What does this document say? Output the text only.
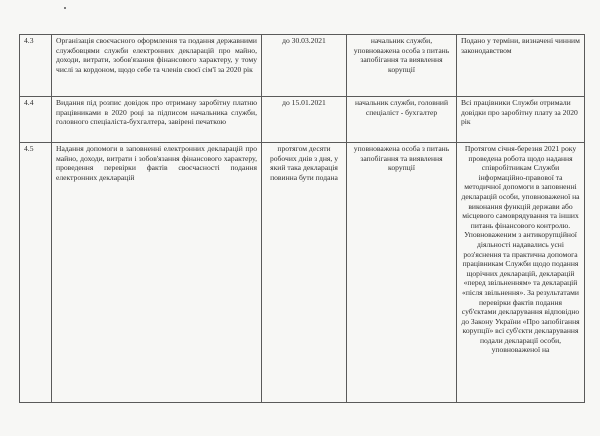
4.3	Організація своєчасного оформлення та подання державними службовцями служби електронних декларацій про майно, доходи, витрати, зобов'язання фінансового характеру, у тому числі за кордоном, щодо себе та членів своєї сім'ї за 2020 рік	до 30.03.2021	начальник служби, уповноважена особа з питань запобігання та виявлення корупції	Подано у терміни, визначені чинним законодавством
4.4	Видання під розпис довідок про отриману заробітну платню працівниками в 2020 році за підписом начальника служби, головного спеціаліста-бухгалтера, завірені печаткою	до 15.01.2021	начальник служби, головний спеціаліст - бухгалтер	Всі працівники Служби отримали довідки про заробітну плату за 2020 рік
4.5	Надання допомоги в заповненні електронних декларацій про майно, доходи, витрати і зобов'язання фінансового характеру, проведення перевірки фактів своєчасності подання електронних декларацій	протягом десяти робочих днів з дня, у який така декларація повинна бути подана	уповноважена особа з питань запобігання та виявлення корупції	Протягом січня-березня 2021 року проведена робота щодо надання співробітникам Служби інформаційно-правової та методичної допомоги в заповненні декларацій особи, уповноваженої на виконання функцій держави або місцевого самоврядування та інших питань фінансового контролю. Уповноваженим з антикорупційної діяльності надавались усні роз'яснення та практична допомога працівникам Служби щодо подання щорічних декларацій, декларацій «перед звільненням» та декларацій «після звільнення». За результатами перевірки фактів подання суб'єктами декларування відповідно до Закону України «Про запобігання корупції» всі суб'єкти декларування подали декларації особи, уповноваженої на
